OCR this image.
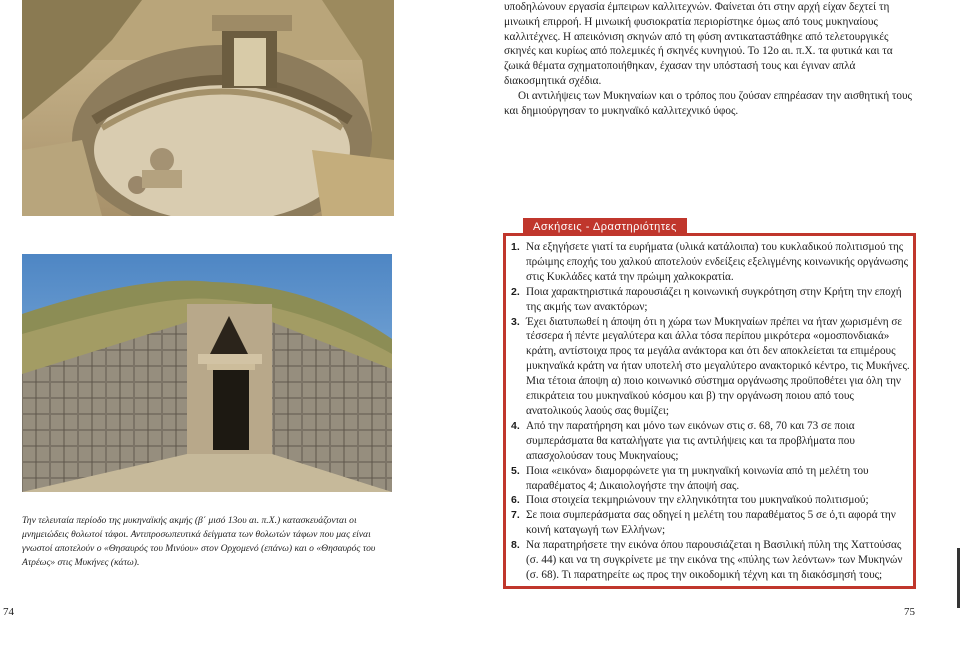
Την τελευταία περίοδο της μυκηναϊκής ακμής (β΄ μισό 13ου αι. π.Χ.) κατασκευάζονται οι μνημειώδεις θολωτοί τάφοι. Αντιπροσωπευτικά δείγματα των θολωτών τάφων που μας είναι γνωστοί αποτελούν ο «Θησαυρός του Μινύου» στον Ορχομενό (επάνω) και ο «Θησαυρός του Ατρέως» στις Μυκήνες (κάτω).

74

υποδηλώνουν εργασία έμπειρων καλλιτεχνών. Φαίνεται ότι στην αρχή είχαν δεχτεί τη μινωική επιρροή. Η μινωική φυσιοκρατία περιορίστηκε όμως από τους μυκηναίους καλλιτέχνες. Η απεικόνιση σκηνών από τη φύση αντικαταστάθηκε από τελετουργικές σκηνές και κυρίως από πολεμικές ή σκηνές κυνηγιού. Το 12ο αι. π.Χ. τα φυτικά και τα ζωικά θέματα σχηματοποιήθηκαν, έχασαν την υπόστασή τους και έγιναν απλά διακοσμητικά σχέδια.

Οι αντιλήψεις των Μυκηναίων και ο τρόπος που ζούσαν επηρέασαν την αισθητική τους και δημιούργησαν το μυκηναϊκό καλλιτεχνικό ύφος.

Ασκήσεις - Δραστηριότητες
1. Να εξηγήσετε γιατί τα ευρήματα (υλικά κατάλοιπα) του κυκλαδικού πολιτισμού της πρώιμης εποχής του χαλκού αποτελούν ενδείξεις εξελιγμένης κοινωνικής οργάνωσης στις Κυκλάδες κατά την πρώιμη χαλκοκρατία.
2. Ποια χαρακτηριστικά παρουσιάζει η κοινωνική συγκρότηση στην Κρήτη την εποχή της ακμής των ανακτόρων;
3. Έχει διατυπωθεί η άποψη ότι η χώρα των Μυκηναίων πρέπει να ήταν χωρισμένη σε τέσσερα ή πέντε μεγαλύτερα και άλλα τόσα περίπου μικρότερα «ομοσπονδιακά» κράτη, αντίστοιχα προς τα μεγάλα ανάκτορα και ότι δεν αποκλείεται τα επιμέρους μυκηναϊκά κράτη να ήταν υποτελή στο μεγαλύτερο ανακτορικό κέντρο, τις Μυκήνες. Μια τέτοια άποψη α) ποιο κοινωνικό σύστημα οργάνωσης προϋποθέτει για όλη την επικράτεια του μυκηναϊκού κόσμου και β) την οργάνωση ποιου από τους ανατολικούς λαούς σας θυμίζει;
4. Από την παρατήρηση και μόνο των εικόνων στις σ. 68, 70 και 73 σε ποια συμπεράσματα θα καταλήγατε για τις αντιλήψεις και τα προβλήματα που απασχολούσαν τους Μυκηναίους;
5. Ποια «εικόνα» διαμορφώνετε για τη μυκηναϊκή κοινωνία από τη μελέτη του παραθέματος 4; Δικαιολογήστε την άποψή σας.
6. Ποια στοιχεία τεκμηριώνουν την ελληνικότητα του μυκηναϊκού πολιτισμού;
7. Σε ποια συμπεράσματα σας οδηγεί η μελέτη του παραθέματος 5 σε ό,τι αφορά την κοινή καταγωγή των Ελλήνων;
8. Να παρατηρήσετε την εικόνα όπου παρουσιάζεται η Βασιλική πύλη της Χαττούσας (σ. 44) και να τη συγκρίνετε με την εικόνα της «πύλης των λεόντων» των Μυκηνών (σ. 68). Τι παρατηρείτε ως προς την οικοδομική τέχνη και τη διακόσμησή τους;

75
